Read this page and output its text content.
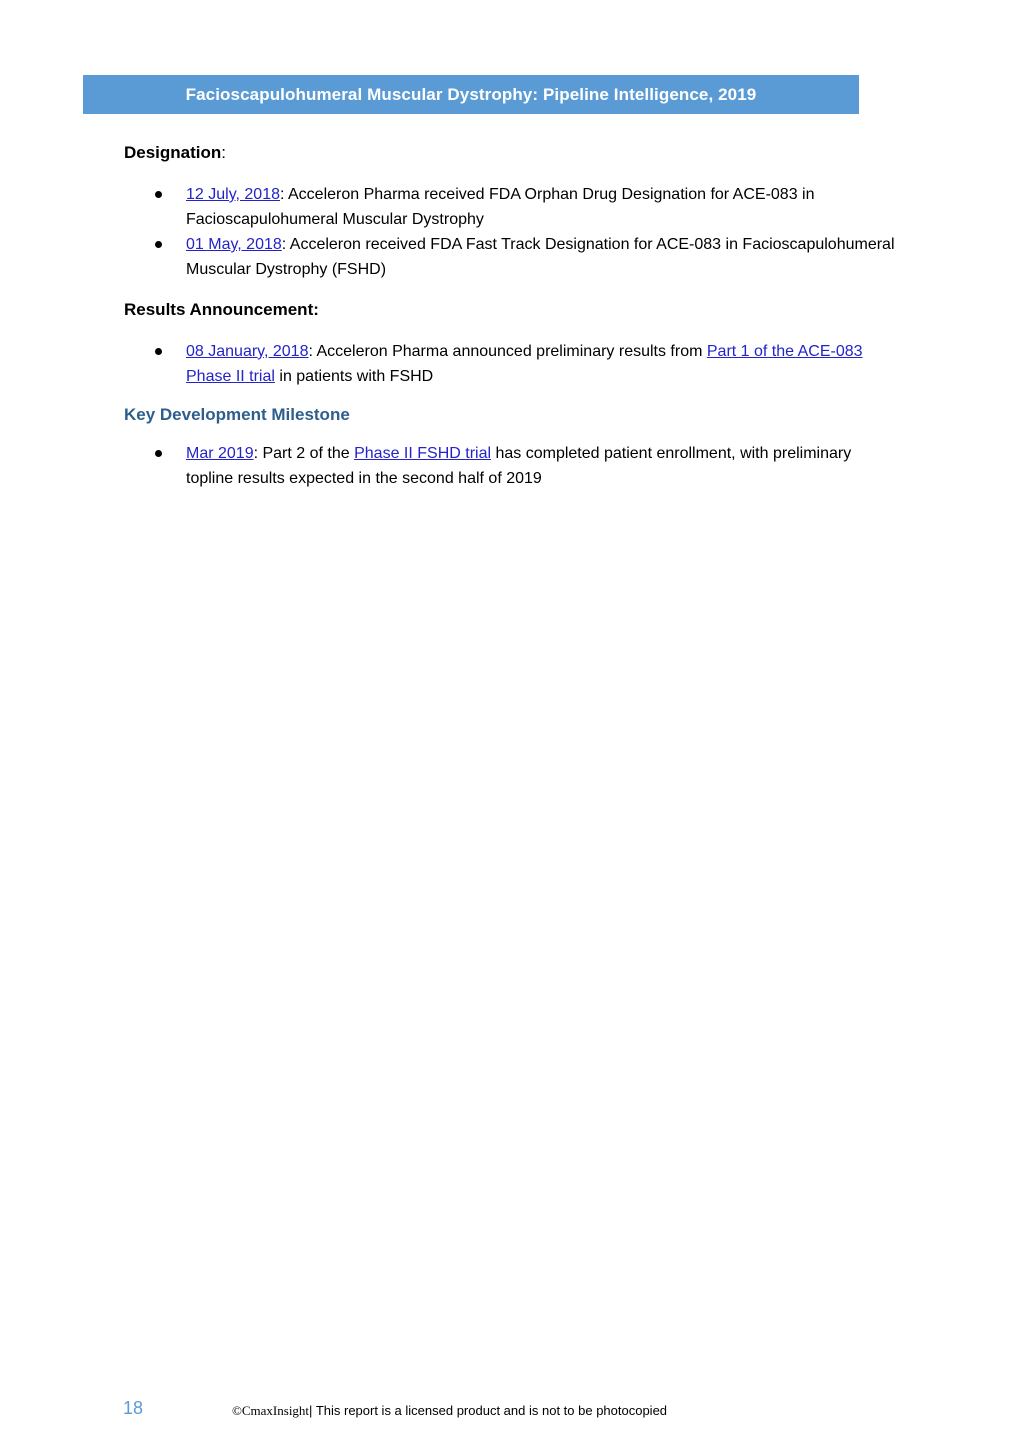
Facioscapulohumeral Muscular Dystrophy: Pipeline Intelligence, 2019
Designation:
12 July, 2018: Acceleron Pharma received FDA Orphan Drug Designation for ACE-083 in Facioscapulohumeral Muscular Dystrophy
01 May, 2018: Acceleron received FDA Fast Track Designation for ACE-083 in Facioscapulohumeral Muscular Dystrophy (FSHD)
Results Announcement:
08 January, 2018: Acceleron Pharma announced preliminary results from Part 1 of the ACE-083 Phase II trial in patients with FSHD
Key Development Milestone
Mar 2019: Part 2 of the Phase II FSHD trial has completed patient enrollment, with preliminary topline results expected in the second half of 2019
18	©CmaxInsight| This report is a licensed product and is not to be photocopied
